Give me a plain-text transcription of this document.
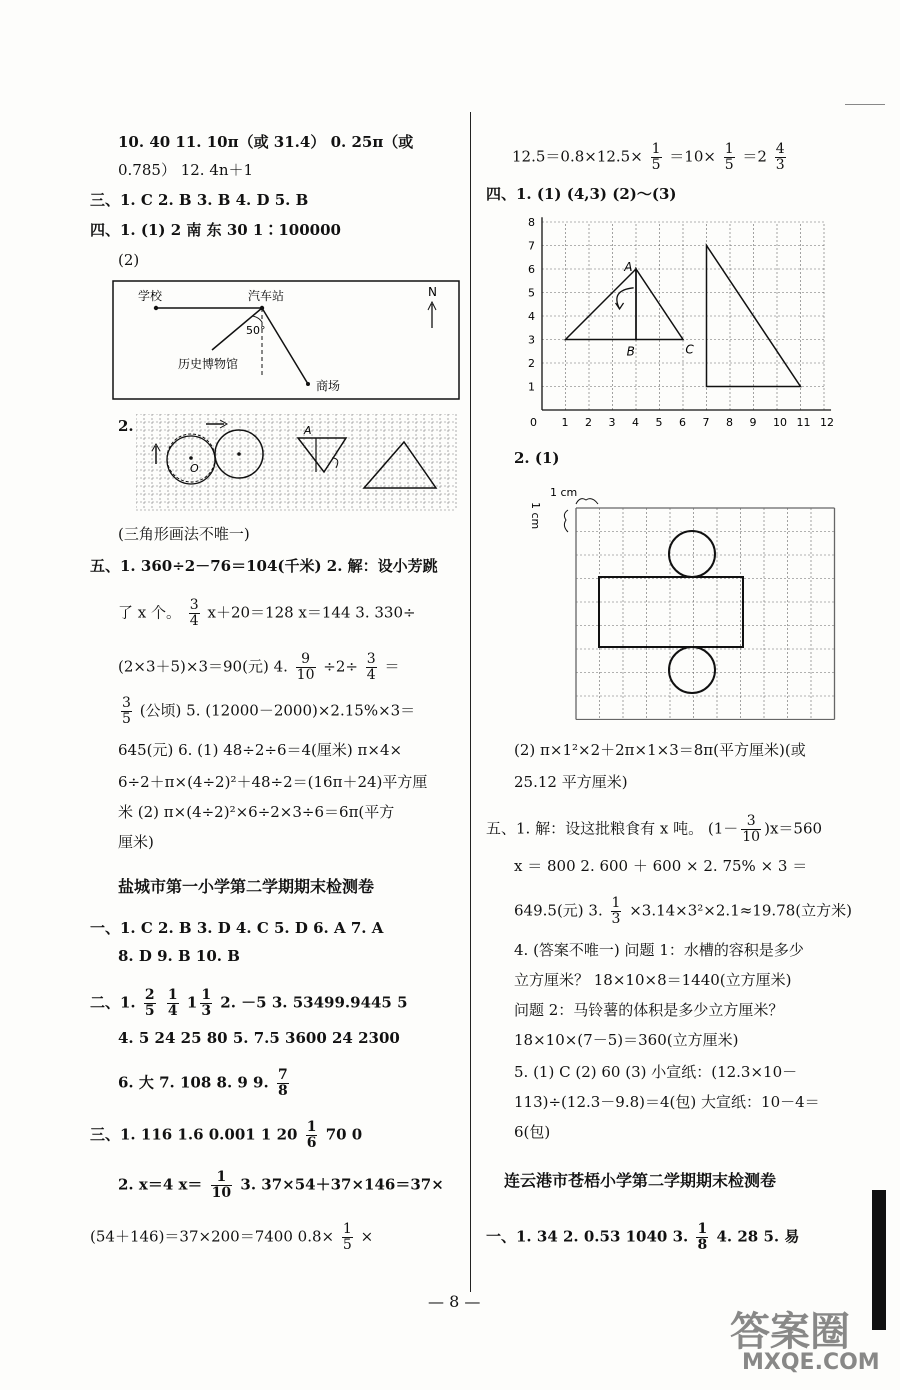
10. 40 11. 10π（或 31.4） 0. 25π（或
0.785） 12. 4n＋1
三、1. C 2. B 3. B 4. D 5. B
四、1. (1) 2 南 东 30 1∶100000
(2)
学校	汽车站
50°
历史博物馆
商场
N
2.
O
A
(三角形画法不唯一)
五、1. 360÷2－76＝104(千米) 2. 解：设小芳跳
了 x 个。 $\frac{3}{4} x+20=128$ x＝144 3. 330÷
(2×3＋5)×3＝90(元) 4. $\frac{9}{10} \div 2\div \frac{3}{4}$ ＝
$\frac{3}{5}$ (公顷) 5. (12000－2000)×2.15%×3＝
645(元) 6. (1) 48÷2÷6＝4(厘米) π×4×
6÷2＋π×(4÷2)²＋48÷2＝(16π＋24)平方厘
米 (2) π×(4÷2)²×6÷2×3÷6＝6π(平方
厘米)
盐城市第一小学第二学期期末检测卷
一、1. C 2. B 3. D 4. C 5. D 6. A 7. A
8. D 9. B 10. B
二、1. $\frac{2}{5}$
$\frac{1}{4} 1 \frac{1}{3} 2$. －5 3. 53499.9445 5
4. 5 24 25 80 5. 7.5 3600 24 2300
6. 大 7. 108 8. 9 9. $\frac{7}{8}$
三、1. 116 1.6 0.001 1 $20 \frac{1}{6} 70$ 0
2. x＝4 $x= \frac{1}{10} 3$. 37×54＋37×146＝37×
(54＋146)＝37×200＝7400 $0.8\times \frac{1}{5}$ ×
$12.5=0.8\times 12.5\times \frac{1}{5} =10\times \frac{1}{5} =2 \frac{4}{3}$
四、1. (1) (4,3) (2)～(3)
0 1 2 3 4 5 6 7 8 9 10 11 12
1
2
3
4
5
6
7
8
A
B	C
2. (1)
1 cm
1 cm
(2) π×1²×2＋2π×1×3＝8π(平方厘米)(或
25.12 平方厘米)
五、1. 解：设这批粮食有 x 吨。 $(1- \frac{3}{10} )x=560$
x ＝ 800 2. 600 ＋ 600 × 2. 75% × 3 ＝
649.5(元) 3. $\frac{1}{3} \times 3.14\times 3^2\times 2.1\approx 19.78$(立方米)
4. (答案不唯一) 问题 1：水槽的容积是多少
立方厘米？ 18×10×8＝1440(立方厘米)
问题 2：马铃薯的体积是多少立方厘米？
18×10×(7－5)＝360(立方厘米)
5. (1) C (2) 60 (3) 小宣纸：(12.3×10－
113)÷(12.3－9.8)＝4(包) 大宣纸：10－4＝
6(包)
连云港市苍梧小学第二学期期末检测卷
一、1. 34 2. 0.53 1040 3. $\frac{1}{8} 4$. 28 5. 易
— 8 —
答案圈
MXQE.COM
